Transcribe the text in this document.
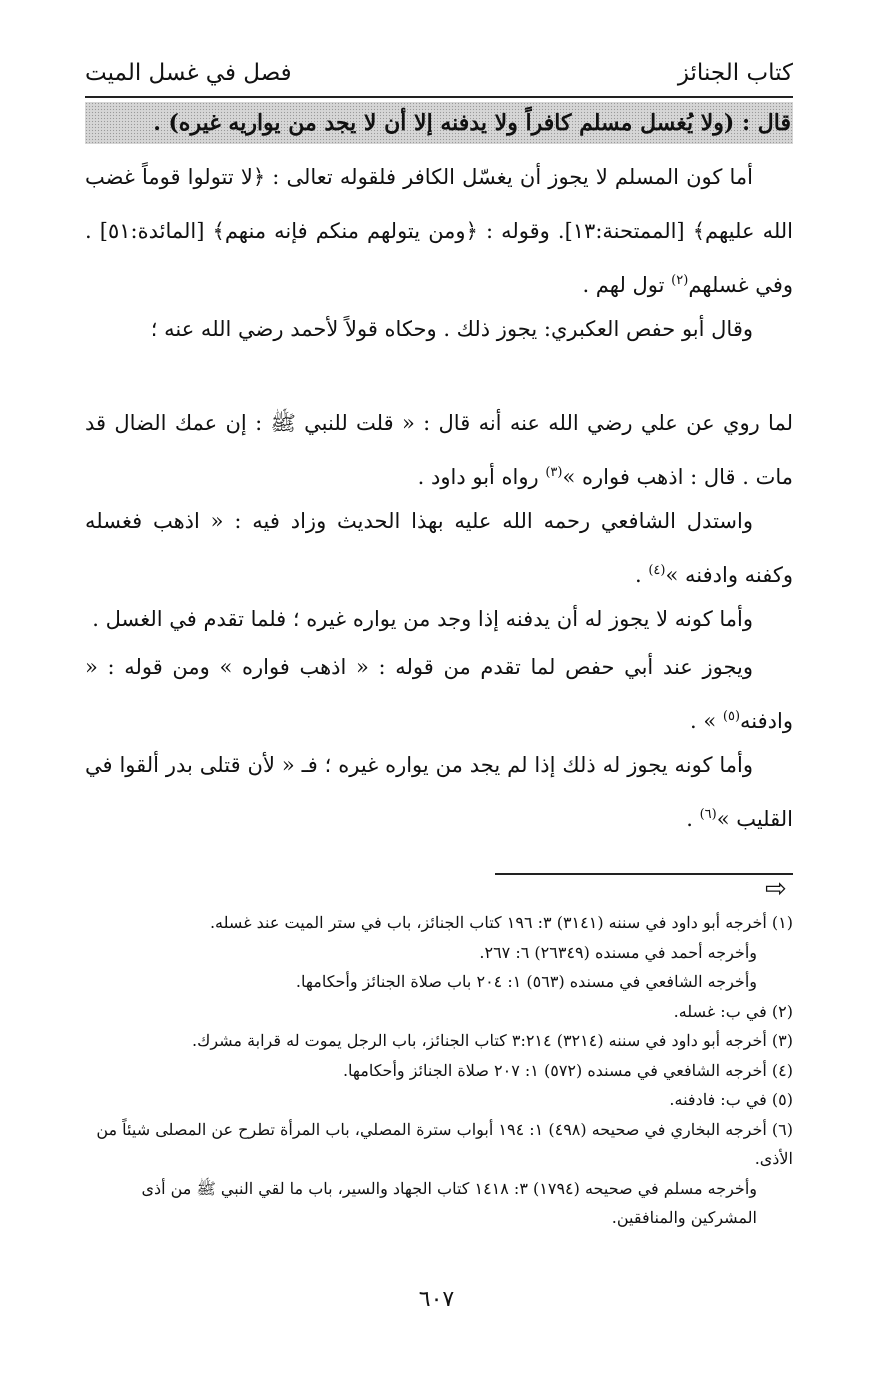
كتاب الجنائز
فصل في غسل الميت
قال : (ولا يُغسل مسلم كافراً ولا يدفنه إلا أن لا يجد من يواريه غيره) .

أما كون المسلم لا يجوز أن يغسّل الكافر فلقوله تعالى : ﴿لا تتولوا قوماً غضب الله عليهم﴾ [الممتحنة:١٣]. وقوله : ﴿ومن يتولهم منكم فإنه منهم﴾ [المائدة:٥١] . وفي غسلهم$^{(٢)}$ تول لهم .

وقال أبو حفص العكبري: يجوز ذلك . وحكاه قولاً لأحمد رضي الله عنه ؛

لما روي عن علي رضي الله عنه أنه قال : « قلت للنبي ﷺ : إن عمك الضال قد مات . قال : اذهب فواره »$^{(٣)}$ رواه أبو داود .

واستدل الشافعي رحمه الله عليه بهذا الحديث وزاد فيه : « اذهب فغسله وكفنه وادفنه »$^{(٤)}$ .

وأما كونه لا يجوز له أن يدفنه إذا وجد من يواره غيره ؛ فلما تقدم في الغسل .

ويجوز عند أبي حفص لما تقدم من قوله : « اذهب فواره » ومن قوله : « وادفنه$^{(٥)}$ » .

وأما كونه يجوز له ذلك إذا لم يجد من يواره غيره ؛ فـ « لأن قتلى بدر ألقوا في القليب »$^{(٦)}$ .

⇨

(١) أخرجه أبو داود في سننه (٣١٤١) ٣: ١٩٦ كتاب الجنائز، باب في ستر الميت عند غسله.

وأخرجه أحمد في مسنده (٢٦٣٤٩) ٦: ٢٦٧.

وأخرجه الشافعي في مسنده (٥٦٣) ١: ٢٠٤ باب صلاة الجنائز وأحكامها.

(٢) في ب: غسله.

(٣) أخرجه أبو داود في سننه (٣٢١٤) ٣:٢١٤ كتاب الجنائز، باب الرجل يموت له قرابة مشرك.

(٤) أخرجه الشافعي في مسنده (٥٧٢) ١: ٢٠٧ صلاة الجنائز وأحكامها.

(٥) في ب: فادفنه.

(٦) أخرجه البخاري في صحيحه (٤٩٨) ١: ١٩٤ أبواب سترة المصلي، باب المرأة تطرح عن المصلى شيئاً من الأذى.

وأخرجه مسلم في صحيحه (١٧٩٤) ٣: ١٤١٨ كتاب الجهاد والسير، باب ما لقي النبي ﷺ من أذى المشركين والمنافقين.

٦٠٧
